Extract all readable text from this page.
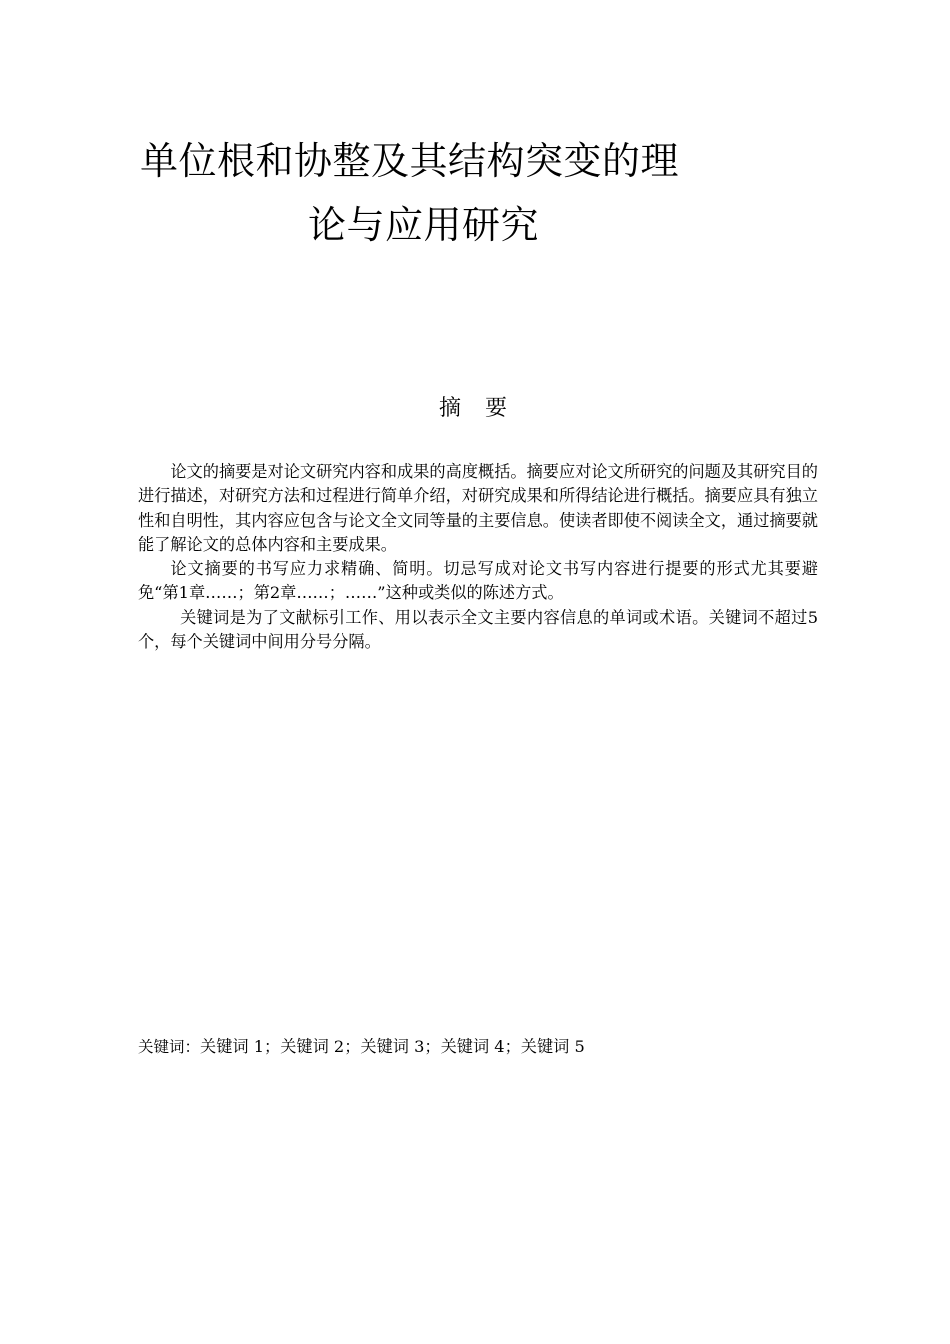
单位根和协整及其结构突变的理
论与应用研究
摘要

论文的摘要是对论文研究内容和成果的高度概括。摘要应对论文所研究的问题及其研究目的进行描述，对研究方法和过程进行简单介绍，对研究成果和所得结论进行概括。摘要应具有独立性和自明性，其内容应包含与论文全文同等量的主要信息。使读者即使不阅读全文，通过摘要就能了解论文的总体内容和主要成果。

论文摘要的书写应力求精确、简明。切忌写成对论文书写内容进行提要的形式尤其要避免“第1章……；第2章……；……”这种或类似的陈述方式。

关键词是为了文献标引工作、用以表示全文主要内容信息的单词或术语。关键词不超过5个，每个关键词中间用分号分隔。

关键词：关键词 1；关键词 2；关键词 3；关键词 4；关键词 5
